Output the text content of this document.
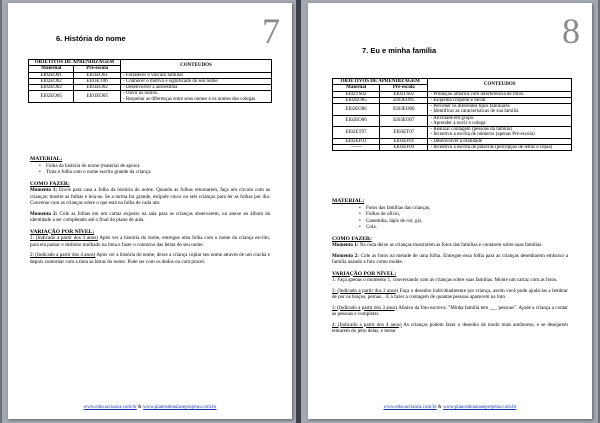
7
6. História do nome
OBJETIVOS DE APRENDIZAGEM		CONTEUDOS
Maternal	Pré-escola	
EI02EO01	EI03EO01	- Fortalecer o vínculo familiar
EI02EO02	EI03ET06	- Conhecer o motivo e significado do seu nome
EI02EO02	EI03EO02	- Desenvolver a autoestima
EI02EO05	EI03EO05	- Ouvir os outros.
- Respeitar as diferenças entre seus nomes e os nomes dos colegas.
MATERIAL:
• Folha da história do nome (material de apoio).
• Tinta e folha com o nome escrito grande da criança.
COMO FAZER:

Momento 1: Envie para casa a folha da história do nome. Quando as folhas retornarem, faça um círculo com as crianças: mostre as folhas e leia-as. Se a turma for grande, estipule cinco ou seis crianças para ler as folhas por dia. Converse com as crianças sobre o que está na folha de cada um.

Momento 2: Cole as folhas em um cartaz exposto na sala para as crianças observarem, ou anexe ao álbum da identidade a ser completado até o final do plano de aula.

VARIAÇÃO POR NÍVEL:

1: (Indicado a partir dos 3 anos) Após ver a história do nome, entregue uma folha com o nome da criança escrito, para ela passar o dedinho molhado na tinta e fazer o contorno das letras do seu nome.

2: (Indicado a partir dos 4 anos) Após ver a história do nome, deixe a criança copiar seu nome através de um crachá e depois contornar com a tinta as letras do nome. Pode ser com os dedos ou com pincel.

www.educacrianca.com.br & www.planosdeaulaseprojetos.com.br
8
7. Eu e minha família
OBJETIVOS DE APRENDIZAGEM		CONTEUDOS
Maternal	Pré-escola	
EI02TS02	EI03TS02	- Produção artística com interferência de fotos.
EI02EO05	EI03EO05	- Esquema corporal e facial
EI02EO06	EI03EO06	- Perceber os diferentes tipos familiares
- Identificar as características de sua família

EI02EO06	EI03EO07	- Atividade em grupo.
- Aprender a ouvir o colega.

EI02ET07	EI03ET07	- Realizar contagem (pessoas da família)
- Incentivo a escrita de números (apenas Pré-escola)

EI02EF01	EI03EF01	- Desenvolver a oralidade
------	EI03EF09	- Incentivo a escrita de palavras (percepção de letras e cópia)
MATERIAL:
• Fotos das famílias das crianças,
• Folhas de ofício,
• Canetinha, lápis de cor, giz,
• Cola.
COMO FAZER:

Momento 1: Na roda deixe as crianças mostrarem as fotos das famílias e contarem sobre suas famílias.

Momento 2: Cole as fotos na metade de uma folha. Entregue essa folha para as crianças desenharem embaixo a família usando a foto como molde.

VARIAÇÃO POR NÍVEL:

1: Faça apenas o momento 1, conversando com as crianças sobre suas famílias. Monte um cartaz com as fotos.

2: (Indicado a partir dos 2 anos) Faça o desenho individualmente por criança, assim você pode ajudá-las a lembrar de por os braços, pernas... E a fazer a contagem de quantas pessoas aparecem na foto.

3: (Indicado a partir dos 3 anos) Abaixo da foto escreva: "Minha família tem ___ pessoas". Ajude a criança a contar as pessoas e completar.

4: (Indicado a partir dos 4 anos) As crianças podem fazer o desenho de modo mais autônomo, e se desejarem tentarem do jeito delas, e tentar

www.educacrianca.com.br & www.planosdeaulaseprojetos.com.br
